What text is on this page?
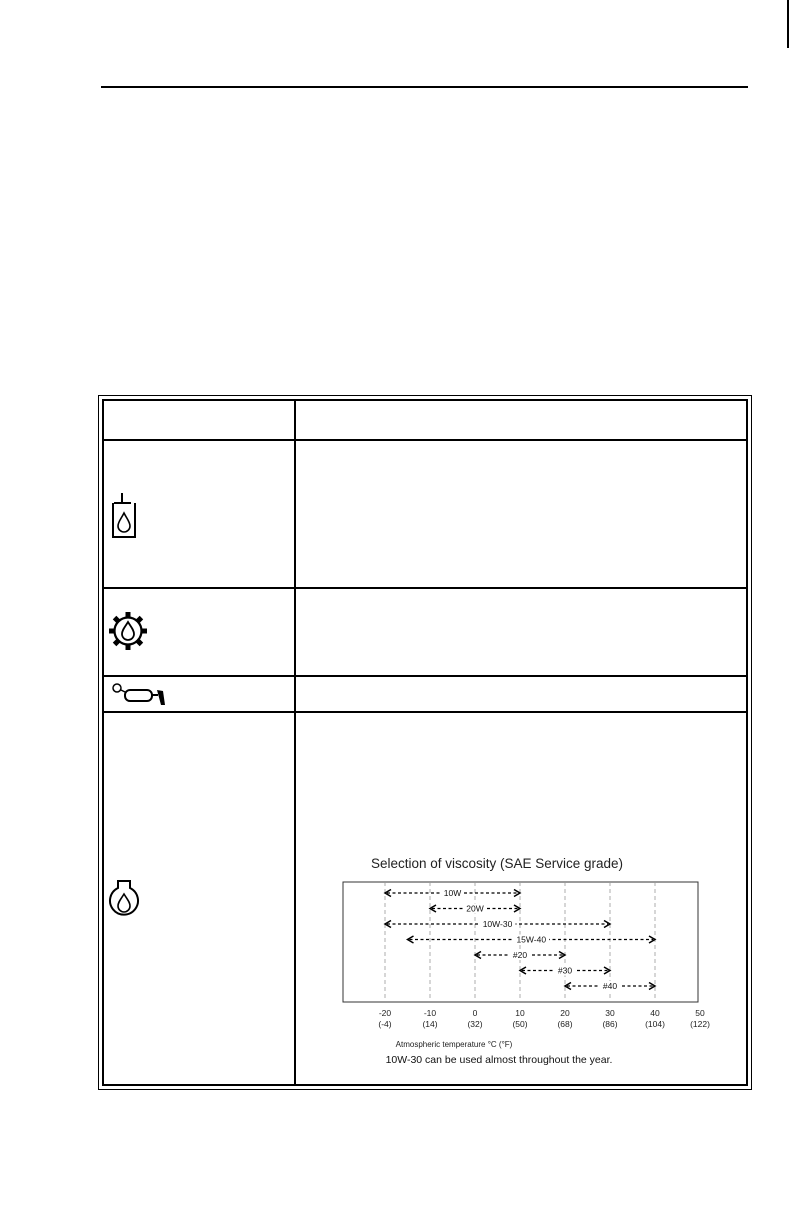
Selection of viscosity (SAE Service grade)
10W
20W
10W-30
15W-40
#20
#30
#40
-20
(-4)
-10
(14)
0
(32)
10
(50)
20
(68)
30
(86)
40
(104)
50
(122)
Atmospheric temperature °C (°F)
10W-30 can be used almost throughout the year.
